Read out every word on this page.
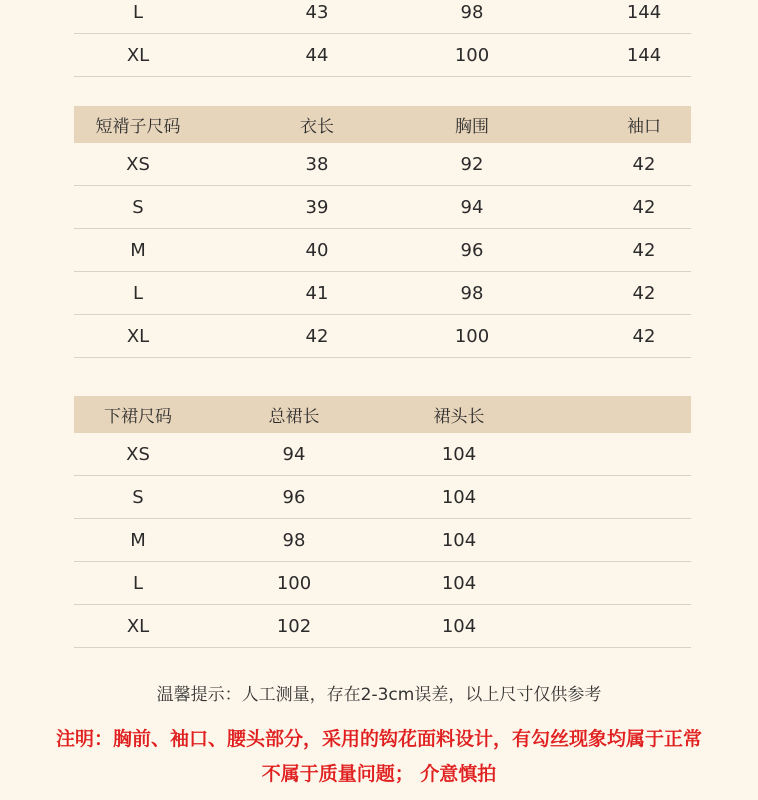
L	43	98	144
XL	44	100	144
短褙子尺码	衣长	胸围	袖口
XS	38	92	42
S	39	94	42
M	40	96	42
L	41	98	42
XL	42	100	42
下裙尺码	总裙长	裙头长
XS	94	104
S	96	104
M	98	104
L	100	104
XL	102	104
温馨提示：人工测量，存在2-3cm误差，以上尺寸仅供参考
注明：胸前、袖口、腰头部分，采用的钩花面料设计，有勾丝现象均属于正常
不属于质量问题； 介意慎拍
